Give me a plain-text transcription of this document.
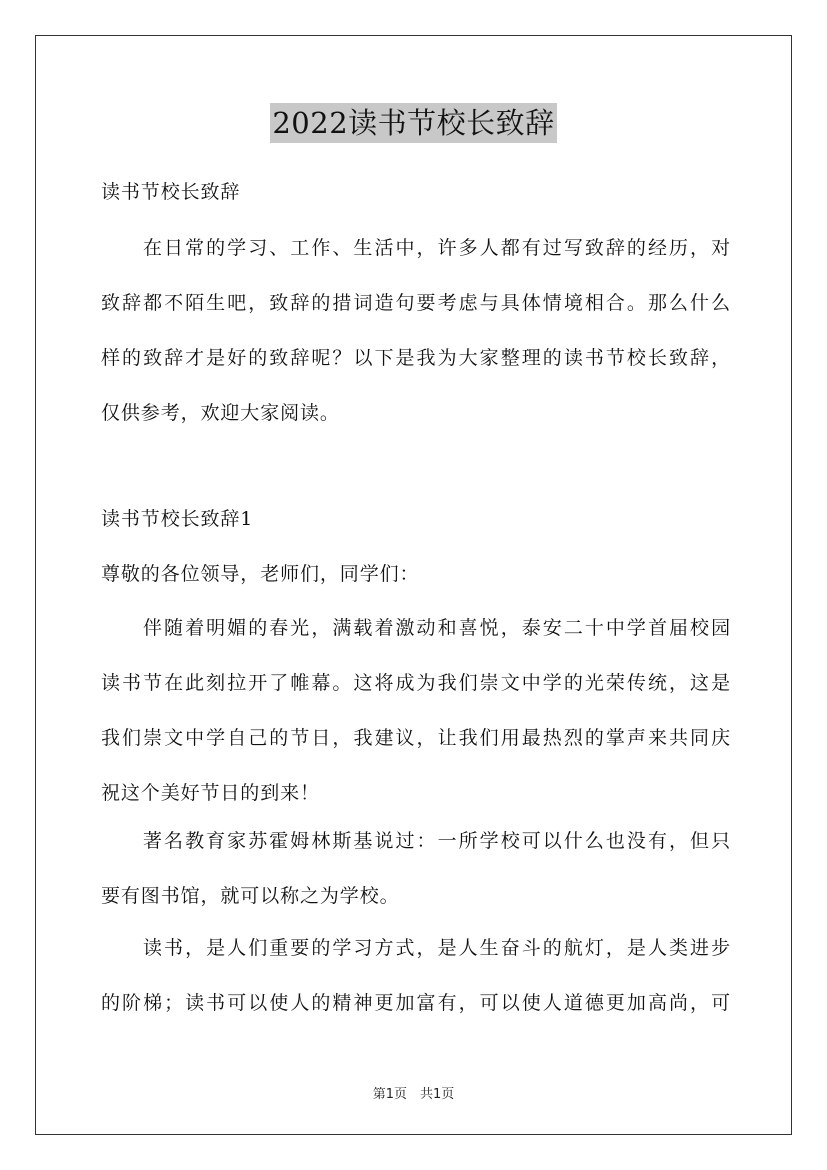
2022读书节校长致辞
读书节校长致辞
在日常的学习、工作、生活中，许多人都有过写致辞的经历，对
致辞都不陌生吧，致辞的措词造句要考虑与具体情境相合。那么什么
样的致辞才是好的致辞呢？以下是我为大家整理的读书节校长致辞，
仅供参考，欢迎大家阅读。
读书节校长致辞1
尊敬的各位领导，老师们，同学们：
伴随着明媚的春光，满载着激动和喜悦，泰安二十中学首届校园
读书节在此刻拉开了帷幕。这将成为我们崇文中学的光荣传统，这是
我们崇文中学自己的节日，我建议，让我们用最热烈的掌声来共同庆
祝这个美好节日的到来！
著名教育家苏霍姆林斯基说过：一所学校可以什么也没有，但只
要有图书馆，就可以称之为学校。
读书，是人们重要的学习方式，是人生奋斗的航灯，是人类进步
的阶梯；读书可以使人的精神更加富有，可以使人道德更加高尚，可
第1页　共1页
